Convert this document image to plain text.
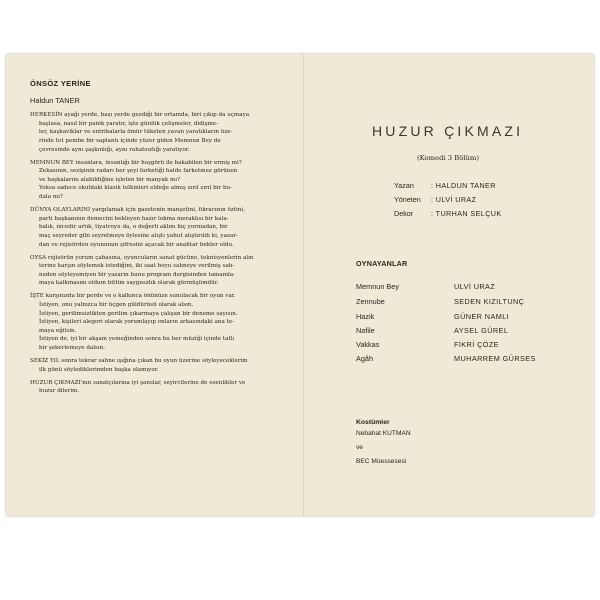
ÖNSÖZ YERİNE
Haldun TANER
HERKESİN ayağı yerde, başı yerde gezdiği bir ortamda, biri çıkıp da uçmaya
başlasa, nasıl bir panik yaratır, işte günlük çelişmeler, didişme-
ler, kaşkaviklar ve entrikalarla ömür tüketen yavan yaratıkların üze-
rinde tot pembe bir saplantı içinde yüzer giden Memnun Bey de
çevresinde aynı şaşkınlığı, aynı rahatsızlığı yaratıyor.
MEMNUN BEY insanlara, insanlığı bir hoşgörü ile bakabilen bir ermiş mi?
Zekasının, sezişinin radarı her şeyi farketiği halde farketmez görünen
ve başkalarını alabildiğine işleten bir manyak mı?
Yoksa sadece okuldaki klasik telkinleri eldeğe almış zırıl zırıl bir bu-
dala mı?
DÜNYA OLAYLARINI yargılamak için gazetenin manşetini, fıkracının öztini,
parti başkanının demecini bekleyen hazır lokma meraklısı bir kala-
balık, nicedir artık, tiyatroyu da, o değerli aklını hiç yormadan, bir
maç seyreder gibi seyretmeye öylesine alıştı yahut alıştırıldı ki, yazar-
dan ve rejisörden oyununun şifresini açacak bir anahtar bekler oldu.
OYSA rejisörün yorum çabasına, oyuncuların sanat gücüne, teknisyenlerin alın
terine karşın söylemek istediğini, iki saat boyu sahneye verilmiş sah-
neden söyleyemiyen bir yazarın bunu program dergisinden tamamla-
maya kalkmasını oldum bittim saygısızlık olarak görmüşümdür.
İŞTE karşınızda bir perde ve o kalkınca önünüze sunulacak bir oyun var.
İstiyen, onu yalnızca bir üçgen güldürüsü olarak alsın.
İstiyen, gerilimsizlikten gerilim çıkarmaya çalışan bir deneme sayısın.
İstiyen, kişileri alegori olarak yorumlayıp onların arkasındaki ana te-
maya eğilsin.
İstiyen de, iyi bir akşam yemeğinden sonra bu her müziği içinde tatlı
bir şekerlemeye dalsın.
SEKİZ YIL sonra tekrar sahne ışığına çıkan bu oyun üzerine söyleyeceklerim
ilk günü söylediklerimden başka olamıyor.
HUZUR ÇIKMAZI'nın sanatçılarına iyi şanslar, seyircilerine de esenlikler ve
huzur dilerim.
HUZUR ÇIKMAZI
(Komedi 3 Bölüm)
Yazan : HALDUN TANER
Yöneten : ULVİ URAZ
Dekor : TURHAN SELÇUK
OYNAYANLAR
Memnun Bey	ULVİ URAZ
Zennube	SEDEN KIZILTUNÇ
Hazik	GÜNER NAMLI
Nafile	AYSEL GÜREL
Vakkas	FİKRİ ÇÖZE
Agâh	MUHARREM GÜRSES
Kostümler
Nebahat KUTMAN
ve
BEC Müessesesi
